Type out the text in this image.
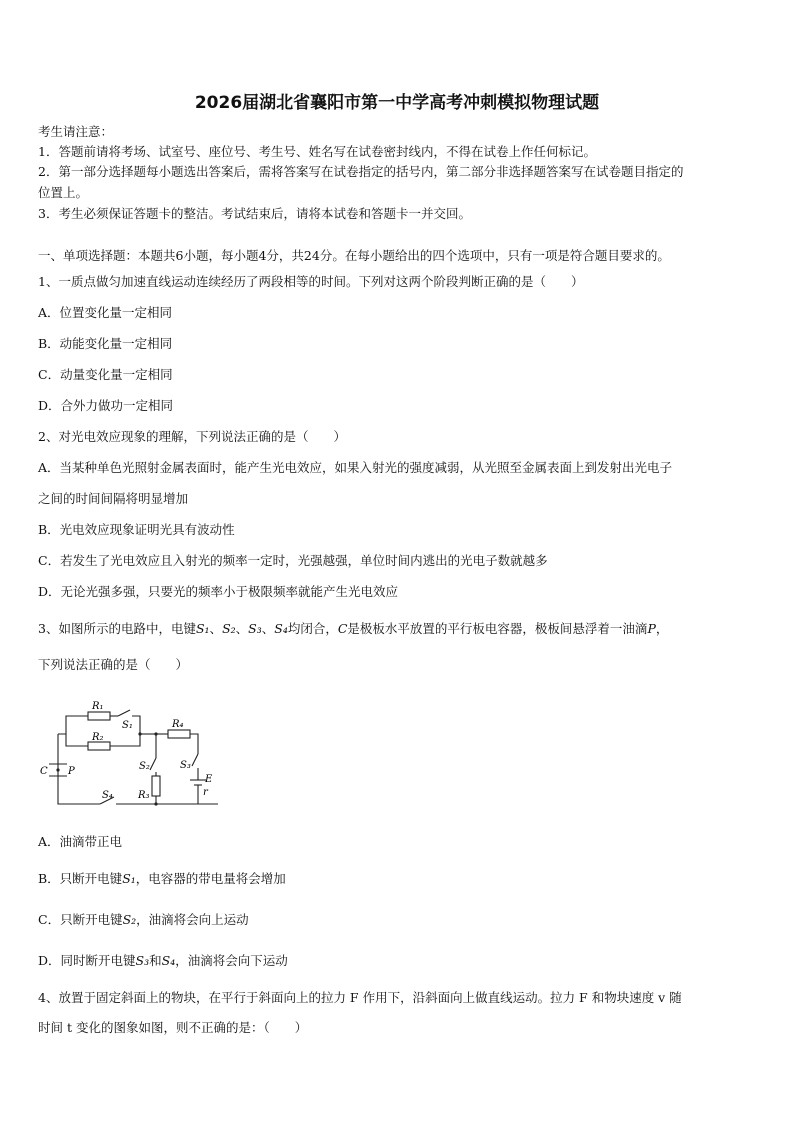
2026届湖北省襄阳市第一中学高考冲刺模拟物理试题
考生请注意：
1．答题前请将考场、试室号、座位号、考生号、姓名写在试卷密封线内，不得在试卷上作任何标记。
2．第一部分选择题每小题选出答案后，需将答案写在试卷指定的括号内，第二部分非选择题答案写在试卷题目指定的
位置上。
3．考生必须保证答题卡的整洁。考试结束后，请将本试卷和答题卡一并交回。
一、单项选择题：本题共6小题，每小题4分，共24分。在每小题给出的四个选项中，只有一项是符合题目要求的。
1、一质点做匀加速直线运动连续经历了两段相等的时间。下列对这两个阶段判断正确的是（　　）
A．位置变化量一定相同
B．动能变化量一定相同
C．动量变化量一定相同
D．合外力做功一定相同
2、对光电效应现象的理解，下列说法正确的是（　　）
A．当某种单色光照射金属表面时，能产生光电效应，如果入射光的强度减弱，从光照至金属表面上到发射出光电子
之间的时间间隔将明显增加
B．光电效应现象证明光具有波动性
C．若发生了光电效应且入射光的频率一定时，光强越强，单位时间内逃出的光电子数就越多
D．无论光强多强，只要光的频率小于极限频率就能产生光电效应
3、如图所示的电路中，电键S₁、S₂、S₃、S₄均闭合，C是极板水平放置的平行板电容器，极板间悬浮着一油滴P，
下列说法正确的是（　　）
R₁
R₂
R₃
R₄
S₁
S₂	S₃
S₄
C P
E
r
A．油滴带正电
B．只断开电键S₁，电容器的带电量将会增加
C．只断开电键S₂，油滴将会向上运动
D．同时断开电键S₃和S₄，油滴将会向下运动
4、放置于固定斜面上的物块，在平行于斜面向上的拉力 F 作用下，沿斜面向上做直线运动。拉力 F 和物块速度 v 随
时间 t 变化的图象如图，则不正确的是：（　　）
